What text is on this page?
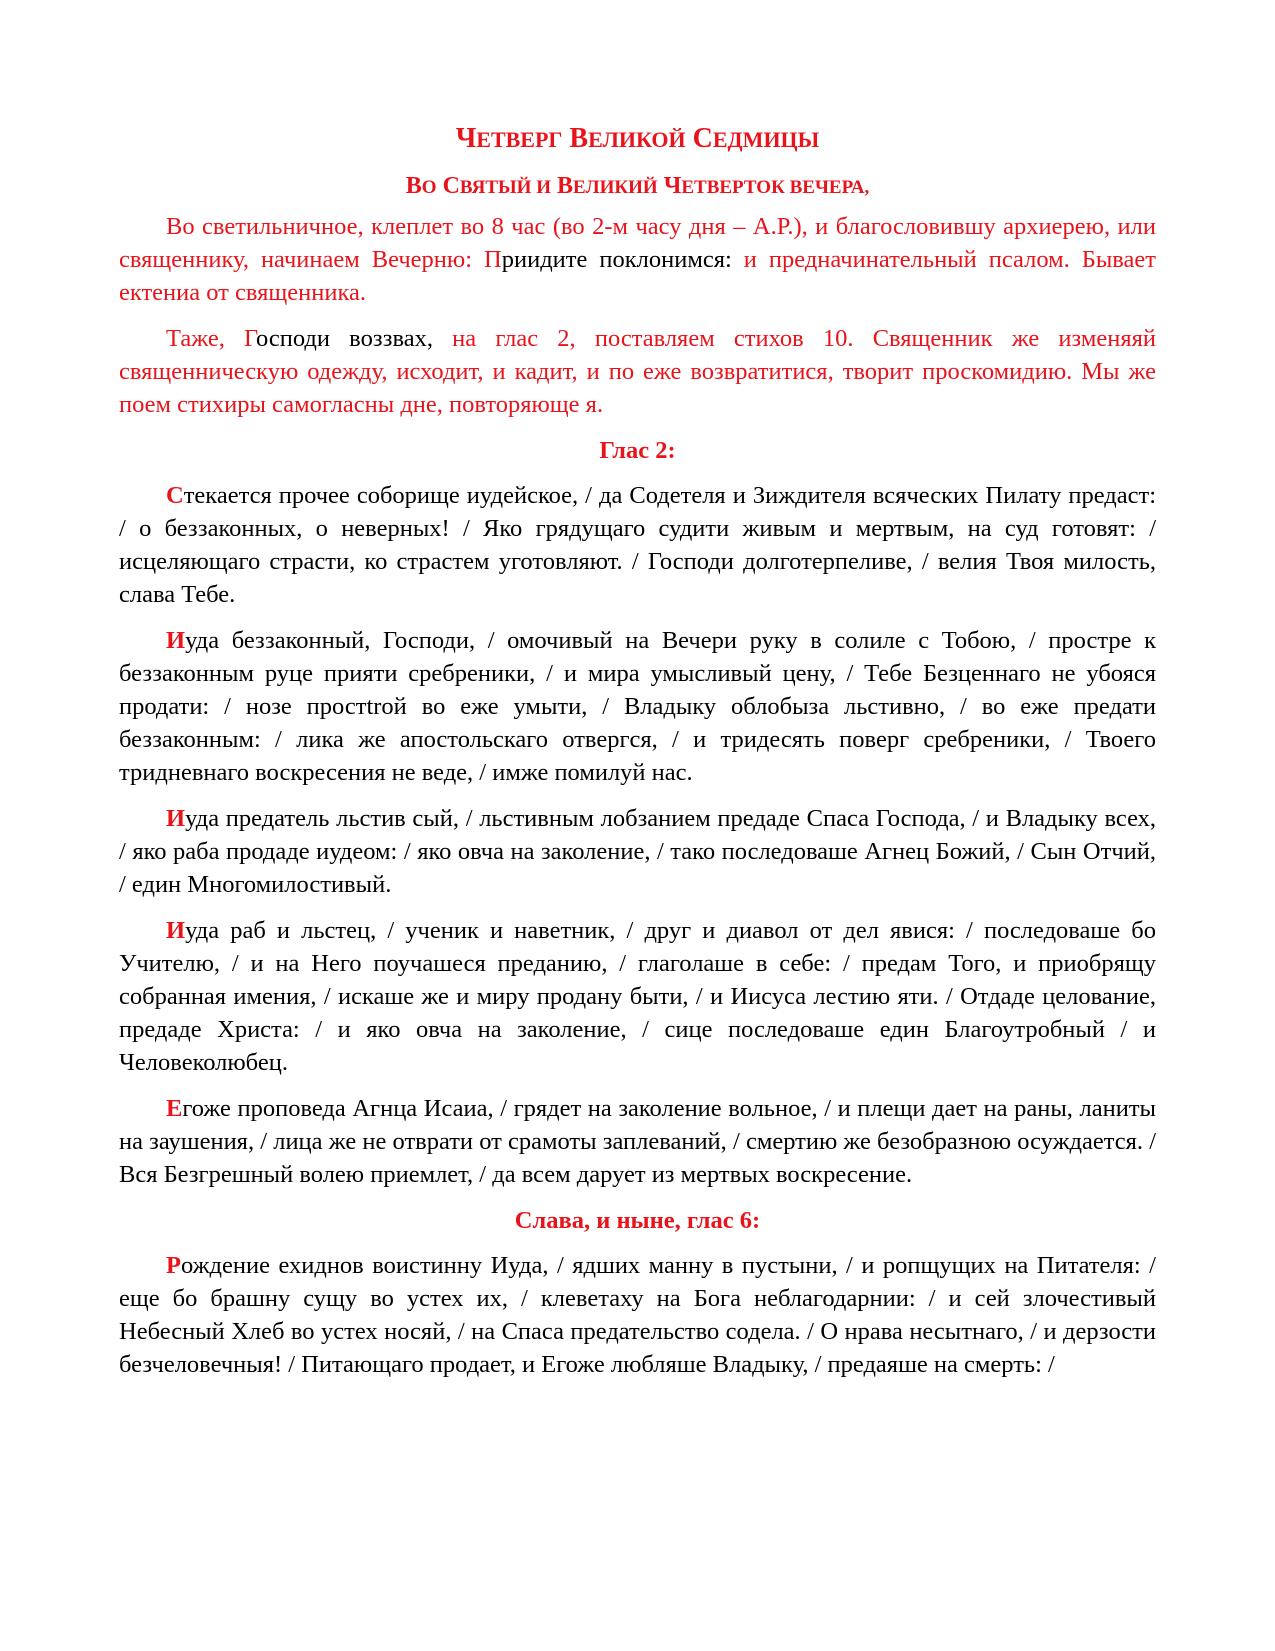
ЧЕТВЕРГ ВЕЛИКОЙ СЕДМИЦЫ
ВО СВЯТЫЙ И ВЕЛИКИЙ ЧЕТВЕРТОК ВЕЧЕРА,

Во светильничное, клеплет во 8 час (во 2-м часу дня – А.Р.), и благословившу архиерею, или священнику, начинаем Вечерню: Приидите поклонимся: и предначинательный псалом. Бывает ектениа от священника.

Таже, Господи воззвах, на глас 2, поставляем стихов 10. Священник же изменяяй священническую одежду, исходит, и кадит, и по еже возвратитися, творит проскомидию. Мы же поем стихиры самогласны дне, повторяюще я.

Глас 2:

Стекается прочее соборище иудейское, / да Содетеля и Зиждителя всяческих Пилату предаст: / о беззаконных, о неверных! / Яко грядущаго судити живым и мертвым, на суд готовят: / исцеляющаго страсти, ко страстем уготовляют. / Господи долготерпеливе, / велия Твоя милость, слава Тебе.

Иуда беззаконный, Господи, / омочивый на Вечери руку в солиле с Тобою, / простре к беззаконным руце прияти сребреники, / и мира умысливый цену, / Тебе Безценнаго не убояся продати: / нозе простtroй во еже умыти, / Владыку облобыза льстивно, / во еже предати беззаконным: / лика же апостольскаго отвергся, / и тридесять поверг сребреники, / Твоего тридневнаго воскресения не веде, / имже помилуй нас.

Иуда предатель льстив сый, / льстивным лобзанием предаде Спаса Господа, / и Владыку всех, / яко раба продаде иудеом: / яко овча на заколение, / тако последоваше Агнец Божий, / Сын Отчий, / един Многомилостивый.

Иуда раб и льстец, / ученик и наветник, / друг и диавол от дел явися: / последоваше бо Учителю, / и на Него поучашеся преданию, / глаголаше в себе: / предам Того, и приобрящу собранная имения, / искаше же и миру продану быти, / и Иисуса лестию яти. / Отдаде целование, предаде Христа: / и яко овча на заколение, / сице последоваше един Благоутробный / и Человеколюбец.

Егоже проповеда Агнца Исаиа, / грядет на заколение вольное, / и плещи дает на раны, ланиты на заушения, / лица же не отврати от срамоты заплеваний, / смертию же безобразною осуждается. / Вся Безгрешный волею приемлет, / да всем дарует из мертвых воскресение.

Слава, и ныне, глас 6:

Рождение ехиднов воистинну Иуда, / ядших манну в пустыни, / и ропщущих на Питателя: / еще бо брашну сущу во устех их, / клеветаху на Бога неблагодарнии: / и сей злочестивый Небесный Хлеб во устех носяй, / на Спаса предательство содела. / О нрава несытнаго, / и дерзости безчеловечныя! / Питающаго продает, и Егоже любляше Владыку, / предаяше на смерть: /
